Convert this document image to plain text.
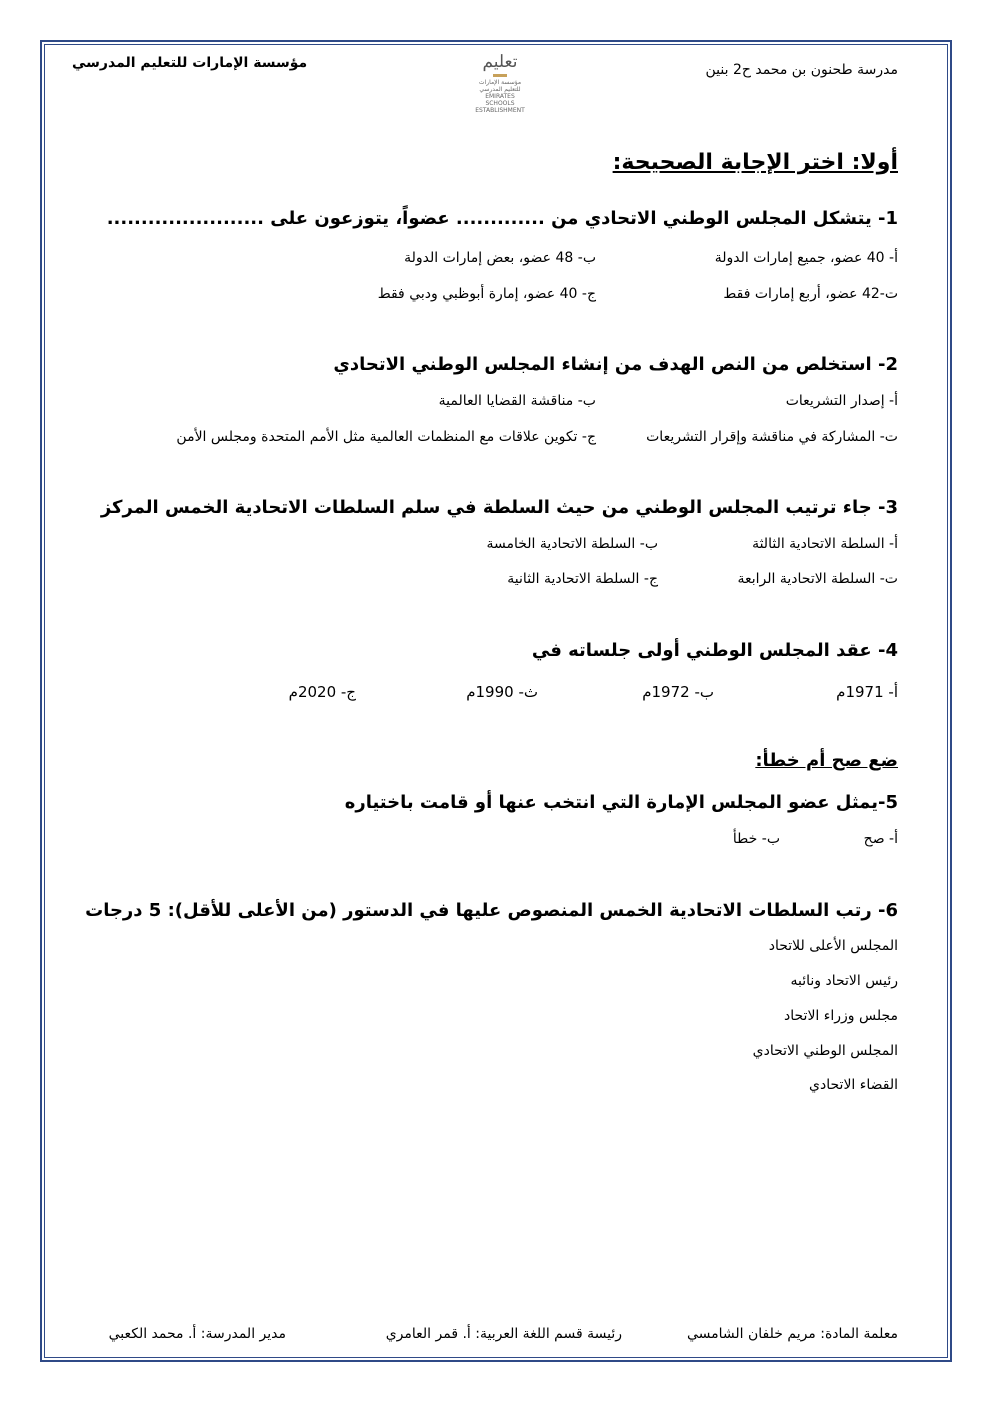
مدرسة طحنون بن محمد ح2 بنين
مؤسسة الإمارات للتعليم المدرسي	تعليم
مؤسسة الإمارات للتعليم المدرسي
EMIRATES SCHOOLS
ESTABLISHMENT
أولا: اختر الإجابة الصحيحة:
1- يتشكل المجلس الوطني الاتحادي من ............. عضواً، يتوزعون على .......................
أ- 40 عضو، جميع إمارات الدولة
ب- 48 عضو، بعض إمارات الدولة
ت-42 عضو، أربع إمارات فقط
ج- 40 عضو، إمارة أبوظبي ودبي فقط
2- استخلص من النص الهدف من إنشاء المجلس الوطني الاتحادي
أ- إصدار التشريعات
ب- مناقشة القضايا العالمية
ت- المشاركة في مناقشة وإقرار التشريعات
ج- تكوين علاقات مع المنظمات العالمية مثل الأمم المتحدة ومجلس الأمن
3- جاء ترتيب المجلس الوطني من حيث السلطة في سلم السلطات الاتحادية الخمس المركز
أ- السلطة الاتحادية الثالثة
ب- السلطة الاتحادية الخامسة
ت- السلطة الاتحادية الرابعة
ج- السلطة الاتحادية الثانية
4- عقد المجلس الوطني أولى جلساته في
أ- 1971م
ب- 1972م
ث- 1990م
ج- 2020م
ضع صح أم خطأ:
5-يمثل عضو المجلس الإمارة التي انتخب عنها أو قامت باختياره
أ- صح
ب- خطأ
6- رتب السلطات الاتحادية الخمس المنصوص عليها في الدستور (من الأعلى للأقل): 5 درجات
المجلس الأعلى للاتحاد
رئيس الاتحاد ونائبه
مجلس وزراء الاتحاد
المجلس الوطني الاتحادي
القضاء الاتحادي
معلمة المادة: مريم خلفان الشامسي
رئيسة قسم اللغة العربية: أ. قمر العامري
مدير المدرسة: أ. محمد الكعبي
